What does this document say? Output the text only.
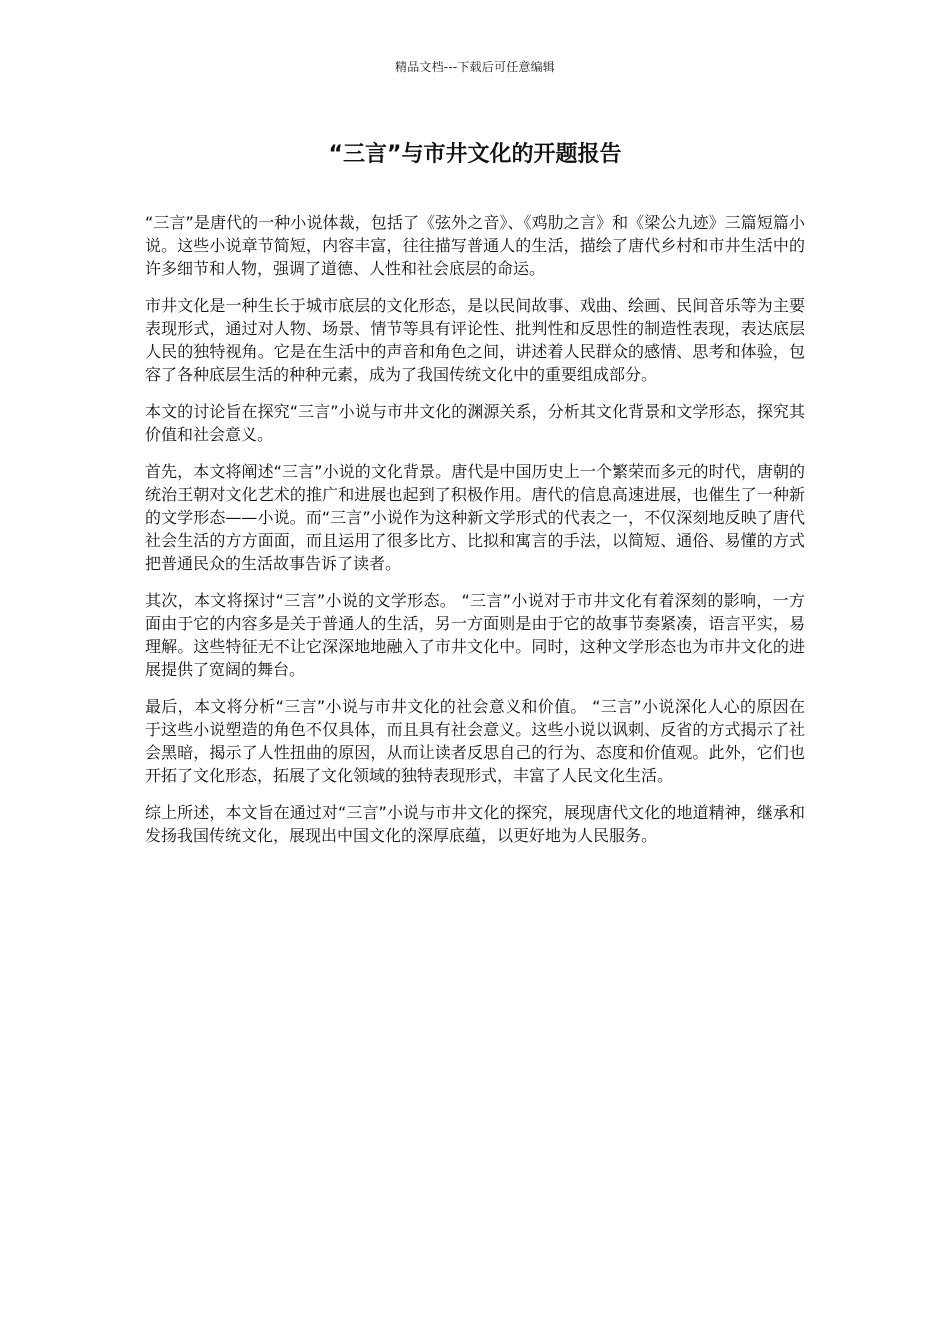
精品文档---下载后可任意编辑
“三言”与市井文化的开题报告

“三言”是唐代的一种小说体裁，包括了《弦外之音》、《鸡肋之言》和《梁公九迹》三篇短篇小说。这些小说章节简短，内容丰富，往往描写普通人的生活，描绘了唐代乡村和市井生活中的许多细节和人物，强调了道德、人性和社会底层的命运。

市井文化是一种生长于城市底层的文化形态，是以民间故事、戏曲、绘画、民间音乐等为主要表现形式，通过对人物、场景、情节等具有评论性、批判性和反思性的制造性表现，表达底层人民的独特视角。它是在生活中的声音和角色之间，讲述着人民群众的感情、思考和体验，包容了各种底层生活的种种元素，成为了我国传统文化中的重要组成部分。

本文的讨论旨在探究“三言”小说与市井文化的渊源关系，分析其文化背景和文学形态，探究其价值和社会意义。

首先，本文将阐述“三言”小说的文化背景。唐代是中国历史上一个繁荣而多元的时代，唐朝的统治王朝对文化艺术的推广和进展也起到了积极作用。唐代的信息高速进展，也催生了一种新的文学形态——小说。而“三言”小说作为这种新文学形式的代表之一，不仅深刻地反映了唐代社会生活的方方面面，而且运用了很多比方、比拟和寓言的手法，以简短、通俗、易懂的方式把普通民众的生活故事告诉了读者。

其次，本文将探讨“三言”小说的文学形态。 “三言”小说对于市井文化有着深刻的影响，一方面由于它的内容多是关于普通人的生活，另一方面则是由于它的故事节奏紧凑，语言平实，易理解。这些特征无不让它深深地地融入了市井文化中。同时，这种文学形态也为市井文化的进展提供了宽阔的舞台。

最后，本文将分析“三言”小说与市井文化的社会意义和价值。 “三言”小说深化人心的原因在于这些小说塑造的角色不仅具体，而且具有社会意义。这些小说以讽刺、反省的方式揭示了社会黑暗，揭示了人性扭曲的原因，从而让读者反思自己的行为、态度和价值观。此外，它们也开拓了文化形态，拓展了文化领域的独特表现形式，丰富了人民文化生活。

综上所述，本文旨在通过对“三言”小说与市井文化的探究，展现唐代文化的地道精神，继承和发扬我国传统文化，展现出中国文化的深厚底蕴，以更好地为人民服务。
